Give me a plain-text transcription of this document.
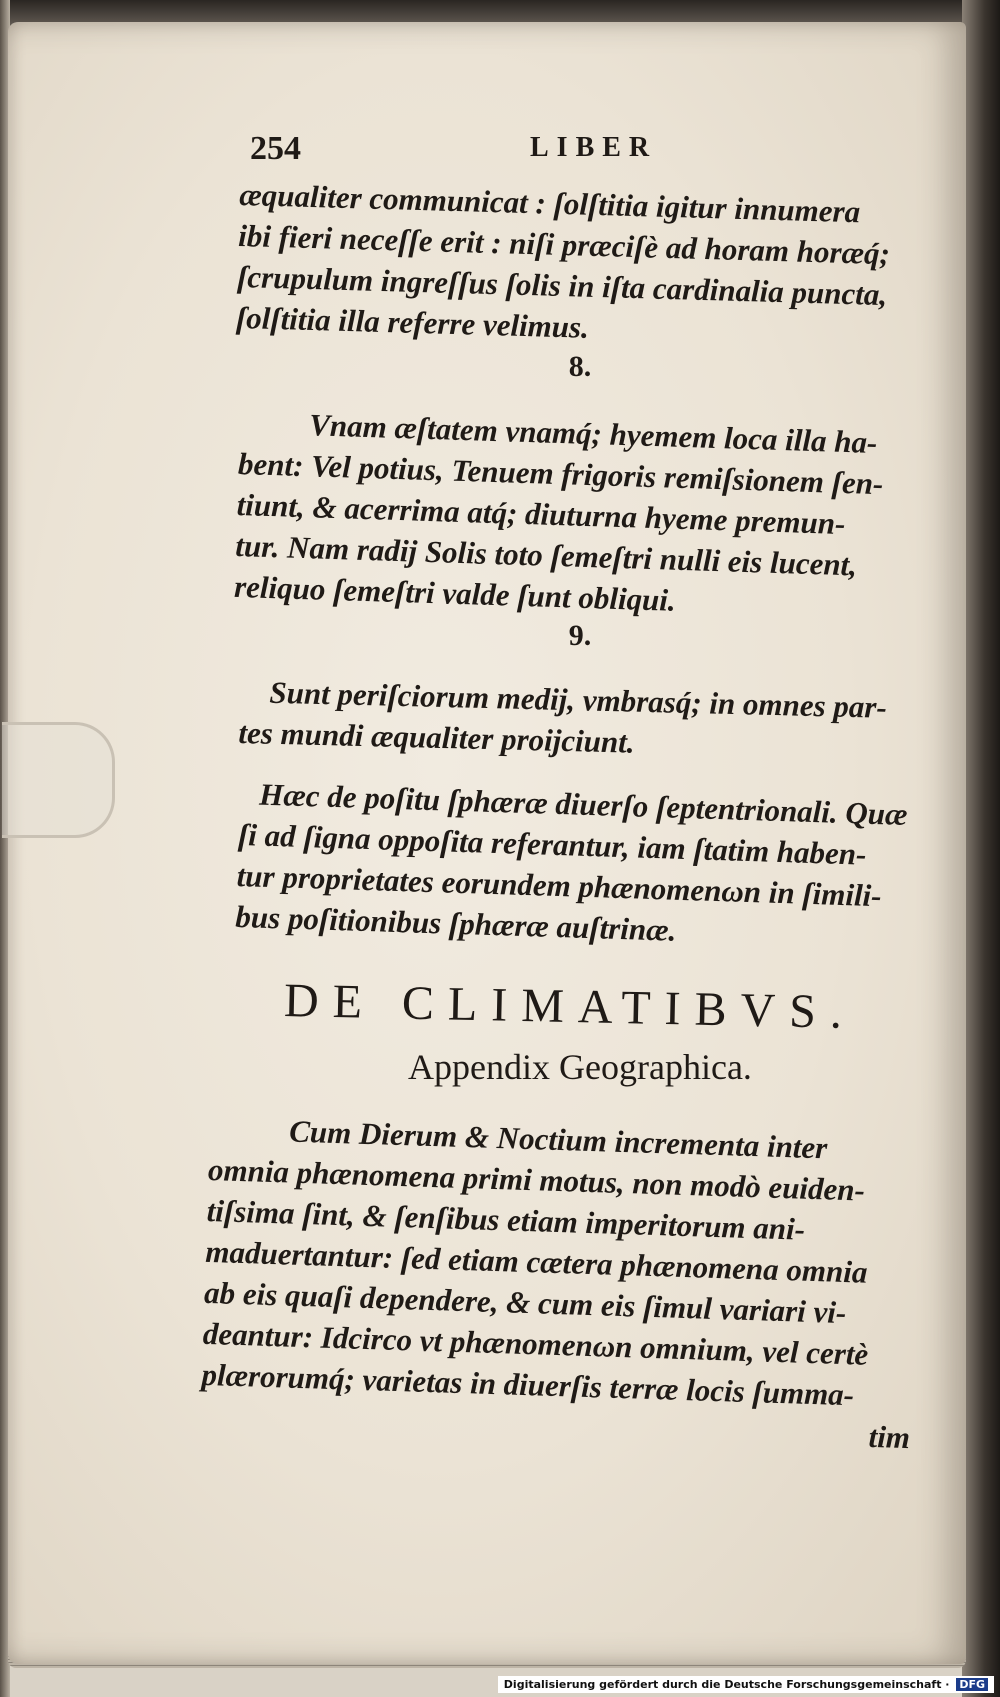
254	LIBER
æqualiter communicat : ſolſtitia igitur innumera
ibi fieri neceſſe erit : niſi præciſè ad horam horæq́;
ſcrupulum ingreſſus ſolis in iſta cardinalia puncta,
ſolſtitia illa referre velimus.
8.
Vnam æſtatem vnamq́; hyemem loca illa ha-
bent: Vel potius, Tenuem frigoris remiſsionem ſen-
tiunt, & acerrima atq́; diuturna hyeme premun-
tur. Nam radij Solis toto ſemeſtri nulli eis lucent,
reliquo ſemeſtri valde ſunt obliqui.
9.
Sunt periſciorum medij, vmbrasq́; in omnes par-
tes mundi æqualiter proijciunt.
Hæc de poſitu ſphæræ diuerſo ſeptentrionali. Quæ
ſi ad ſigna oppoſita referantur, iam ſtatim haben-
tur proprietates eorundem phænomenωn in ſimili-
bus poſitionibus ſphæræ auſtrinæ.
DE CLIMATIBVS.
Appendix Geographica.
Cum Dierum & Noctium incrementa inter
omnia phænomena primi motus, non modò euiden-
tiſsima ſint, & ſenſibus etiam imperitorum ani-
maduertantur: ſed etiam cætera phænomena omnia
ab eis quaſi dependere, & cum eis ſimul variari vi-
deantur: Idcirco vt phænomenωn omnium, vel certè
plærorumq́; varietas in diuerſis terræ locis ſumma-
tim
Digitalisierung gefördert durch die Deutsche Forschungsgemeinschaft · DFG
